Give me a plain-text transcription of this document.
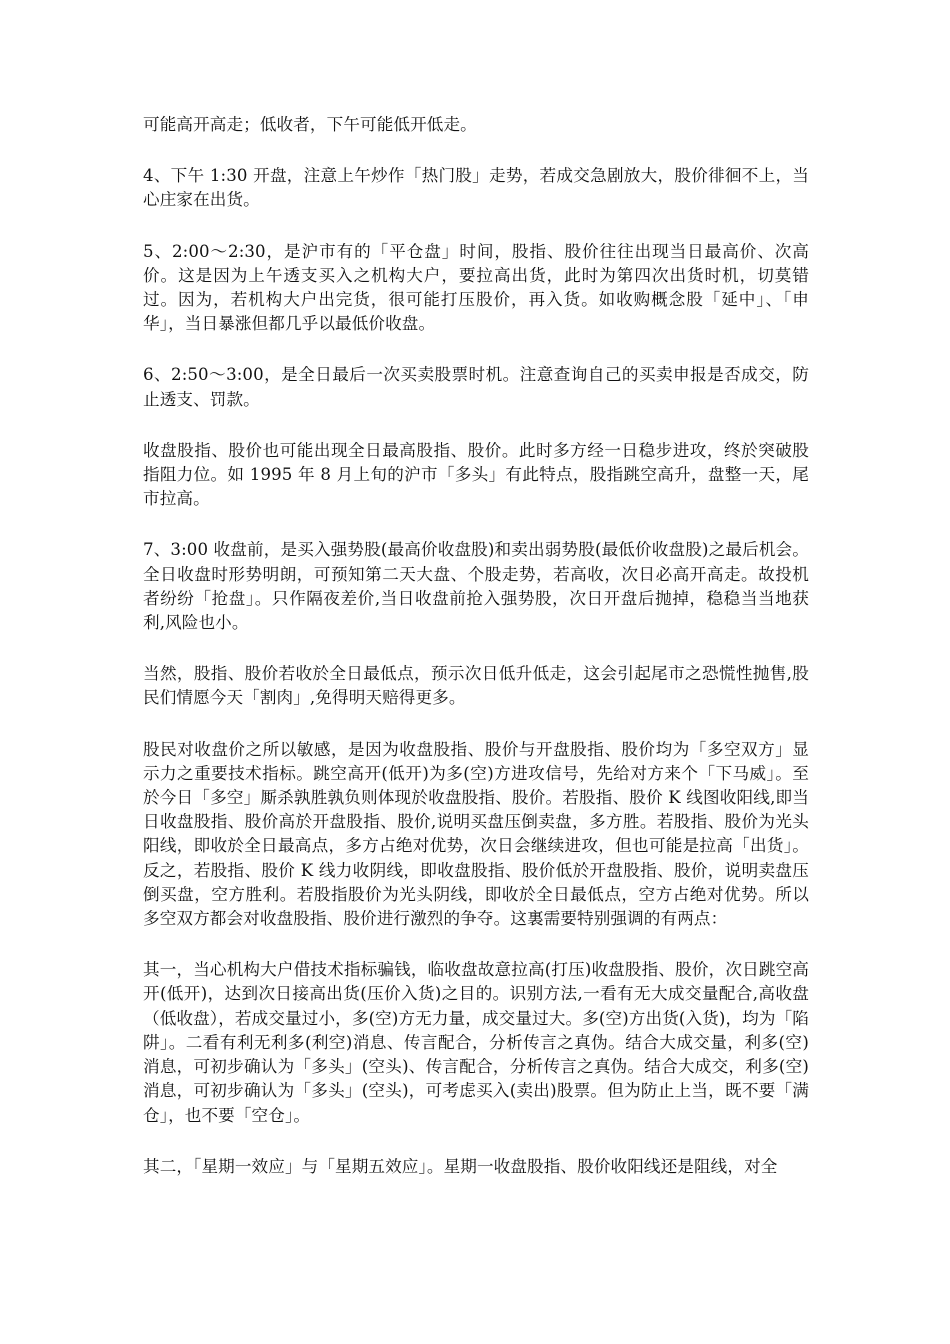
可能高开高走；低收者，下午可能低开低走。

4、下午 1:30 开盘，注意上午炒作「热门股」走势，若成交急剧放大，股价徘徊不上，当心庄家在出货。

5、2:00～2:30，是沪市有的「平仓盘」时间，股指、股价往往出现当日最高价、次高价。这是因为上午透支买入之机构大户，要拉高出货，此时为第四次出货时机，切莫错过。因为，若机构大户出完货，很可能打压股价，再入货。如收购概念股「延中」、「申华」，当日暴涨但都几乎以最低价收盘。

6、2:50～3:00，是全日最后一次买卖股票时机。注意查询自己的买卖申报是否成交，防止透支、罚款。

收盘股指、股价也可能出现全日最高股指、股价。此时多方经一日稳步进攻，终於突破股指阻力位。如 1995 年 8 月上旬的沪市「多头」有此特点，股指跳空高升，盘整一天，尾市拉高。

7、3:00 收盘前，是买入强势股(最高价收盘股)和卖出弱势股(最低价收盘股)之最后机会。全日收盘时形势明朗，可预知第二天大盘、个股走势，若高收，次日必高开高走。故投机者纷纷「抢盘」。只作隔夜差价,当日收盘前抢入强势股，次日开盘后抛掉，稳稳当当地获利,风险也小。

当然，股指、股价若收於全日最低点，预示次日低升低走，这会引起尾市之恐慌性抛售,股民们情愿今天「割肉」,免得明天赔得更多。

股民对收盘价之所以敏感，是因为收盘股指、股价与开盘股指、股价均为「多空双方」显示力之重要技术指标。跳空高开(低开)为多(空)方进攻信号，先给对方来个「下马威」。至於今日「多空」厮杀孰胜孰负则体现於收盘股指、股价。若股指、股价 K 线图收阳线,即当日收盘股指、股价高於开盘股指、股价,说明买盘压倒卖盘，多方胜。若股指、股价为光头阳线，即收於全日最高点，多方占绝对优势，次日会继续进攻，但也可能是拉高「出货」。反之，若股指、股价 K 线力收阴线，即收盘股指、股价低於开盘股指、股价，说明卖盘压倒买盘，空方胜利。若股指股价为光头阴线，即收於全日最低点，空方占绝对优势。所以多空双方都会对收盘股指、股价进行激烈的争夺。这裏需要特别强调的有两点：

其一，当心机构大户借技术指标骗钱，临收盘故意拉高(打压)收盘股指、股价，次日跳空高开(低开)，达到次日接高出货(压价入货)之目的。识别方法,一看有无大成交量配合,高收盘（低收盘），若成交量过小，多(空)方无力量，成交量过大。多(空)方出货(入货)，均为「陷阱」。二看有利无利多(利空)消息、传言配合，分析传言之真伪。结合大成交量，利多(空)消息，可初步确认为「多头」(空头)、传言配合，分析传言之真伪。结合大成交，利多(空)消息，可初步确认为「多头」(空头)，可考虑买入(卖出)股票。但为防止上当，既不要「满仓」，也不要「空仓」。

其二，「星期一效应」与「星期五效应」。星期一收盘股指、股价收阳线还是阻线，对全
